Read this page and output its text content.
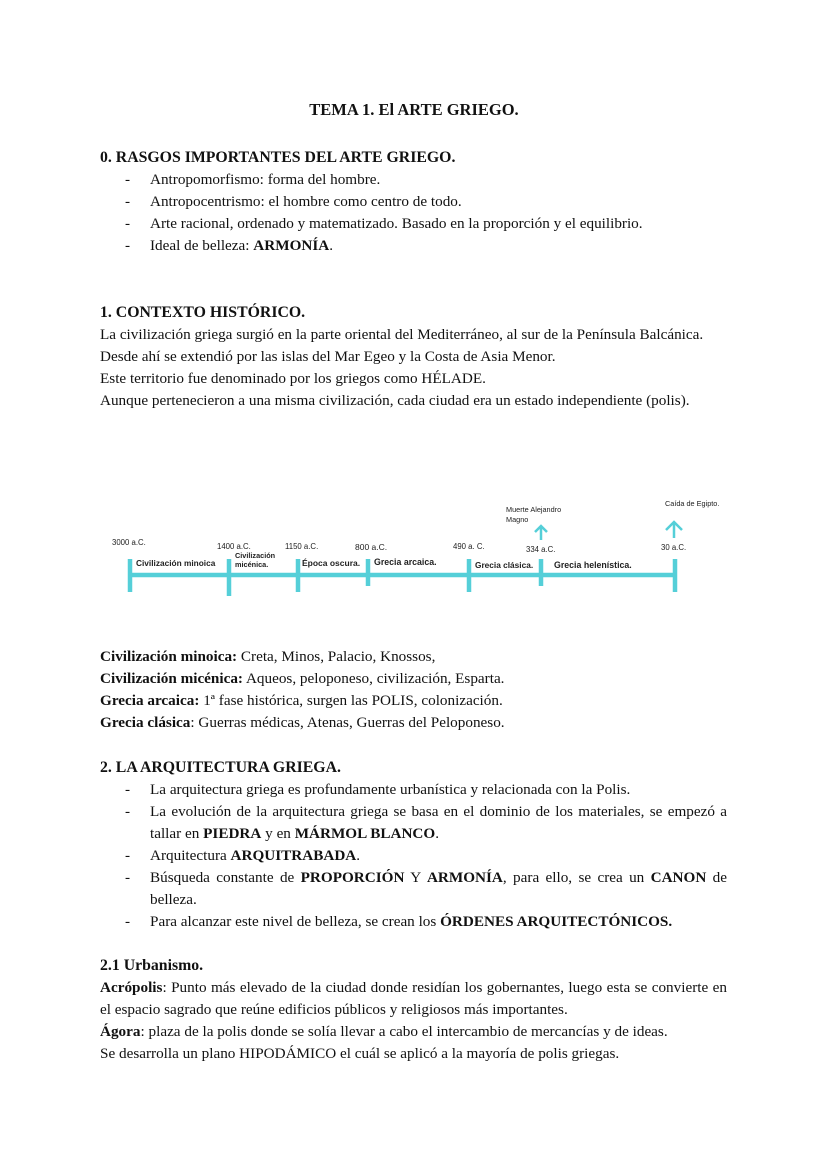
TEMA 1. El ARTE GRIEGO.
0. RASGOS IMPORTANTES DEL ARTE GRIEGO.
- Antropomorfismo: forma del hombre.
- Antropocentrismo: el hombre como centro de todo.
- Arte racional, ordenado y matematizado. Basado en la proporción y el equilibrio.
- Ideal de belleza: ARMONÍA.
1. CONTEXTO HISTÓRICO.
La civilización griega surgió en la parte oriental del Mediterráneo, al sur de la Península Balcánica.
Desde ahí se extendió por las islas del Mar Egeo y la Costa de Asia Menor.
Este territorio fue denominado por los griegos como HÉLADE.
Aunque pertenecieron a una misma civilización, cada ciudad era un estado independiente (polis).
3000 a.C.	1400 a.C.	1150 a.C.	800 a.C.	490 a. C.	334 a.C.	30 a.C.
Civilización minoica
Civilización micénica.	Época oscura. Grecia arcaica.	Grecia clásica. Grecia helenística.
Muerte Alejandro Magno
Caída de Egipto.
Civilización minoica: Creta, Minos, Palacio, Knossos,
Civilización micénica: Aqueos, peloponeso, civilización, Esparta.
Grecia arcaica: 1ª fase histórica, surgen las POLIS, colonización.
Grecia clásica: Guerras médicas, Atenas, Guerras del Peloponeso.
2. LA ARQUITECTURA GRIEGA.
- La arquitectura griega es profundamente urbanística y relacionada con la Polis.
- La evolución de la arquitectura griega se basa en el dominio de los materiales, se empezó a tallar en PIEDRA y en MÁRMOL BLANCO.
- Arquitectura ARQUITRABADA.
- Búsqueda constante de PROPORCIÓN Y ARMONÍA, para ello, se crea un CANON de belleza.
- Para alcanzar este nivel de belleza, se crean los ÓRDENES ARQUITECTÓNICOS.
2.1 Urbanismo.
Acrópolis: Punto más elevado de la ciudad donde residían los gobernantes, luego esta se convierte en el espacio sagrado que reúne edificios públicos y religiosos más importantes.
Ágora: plaza de la polis donde se solía llevar a cabo el intercambio de mercancías y de ideas.
Se desarrolla un plano HIPODÁMICO el cuál se aplicó a la mayoría de polis griegas.
